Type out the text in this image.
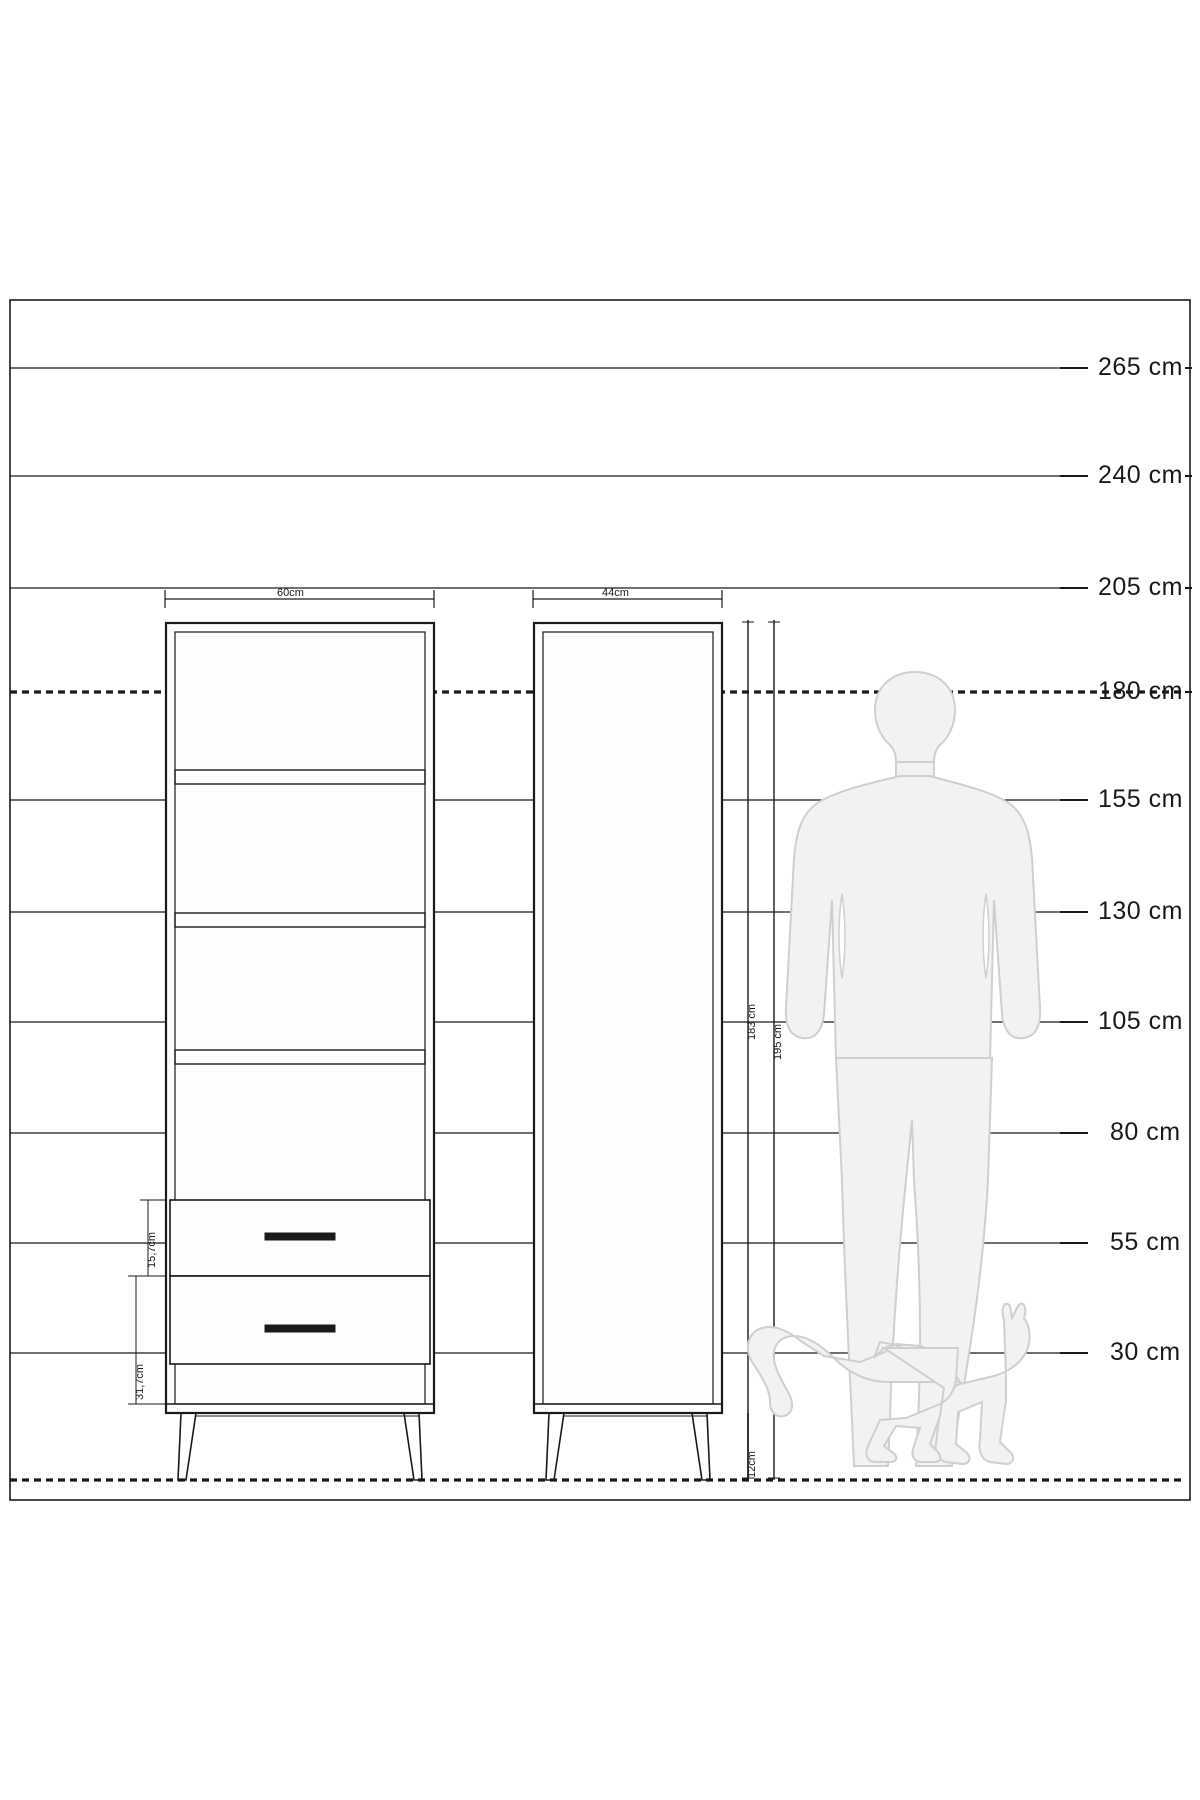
265 cm
240 cm
205 cm
180 cm
155 cm
130 cm
105 cm
80 cm
55 cm
30 cm
60cm	44cm
15,7cm
31,7cm
183 cm
195 cm
12cm
